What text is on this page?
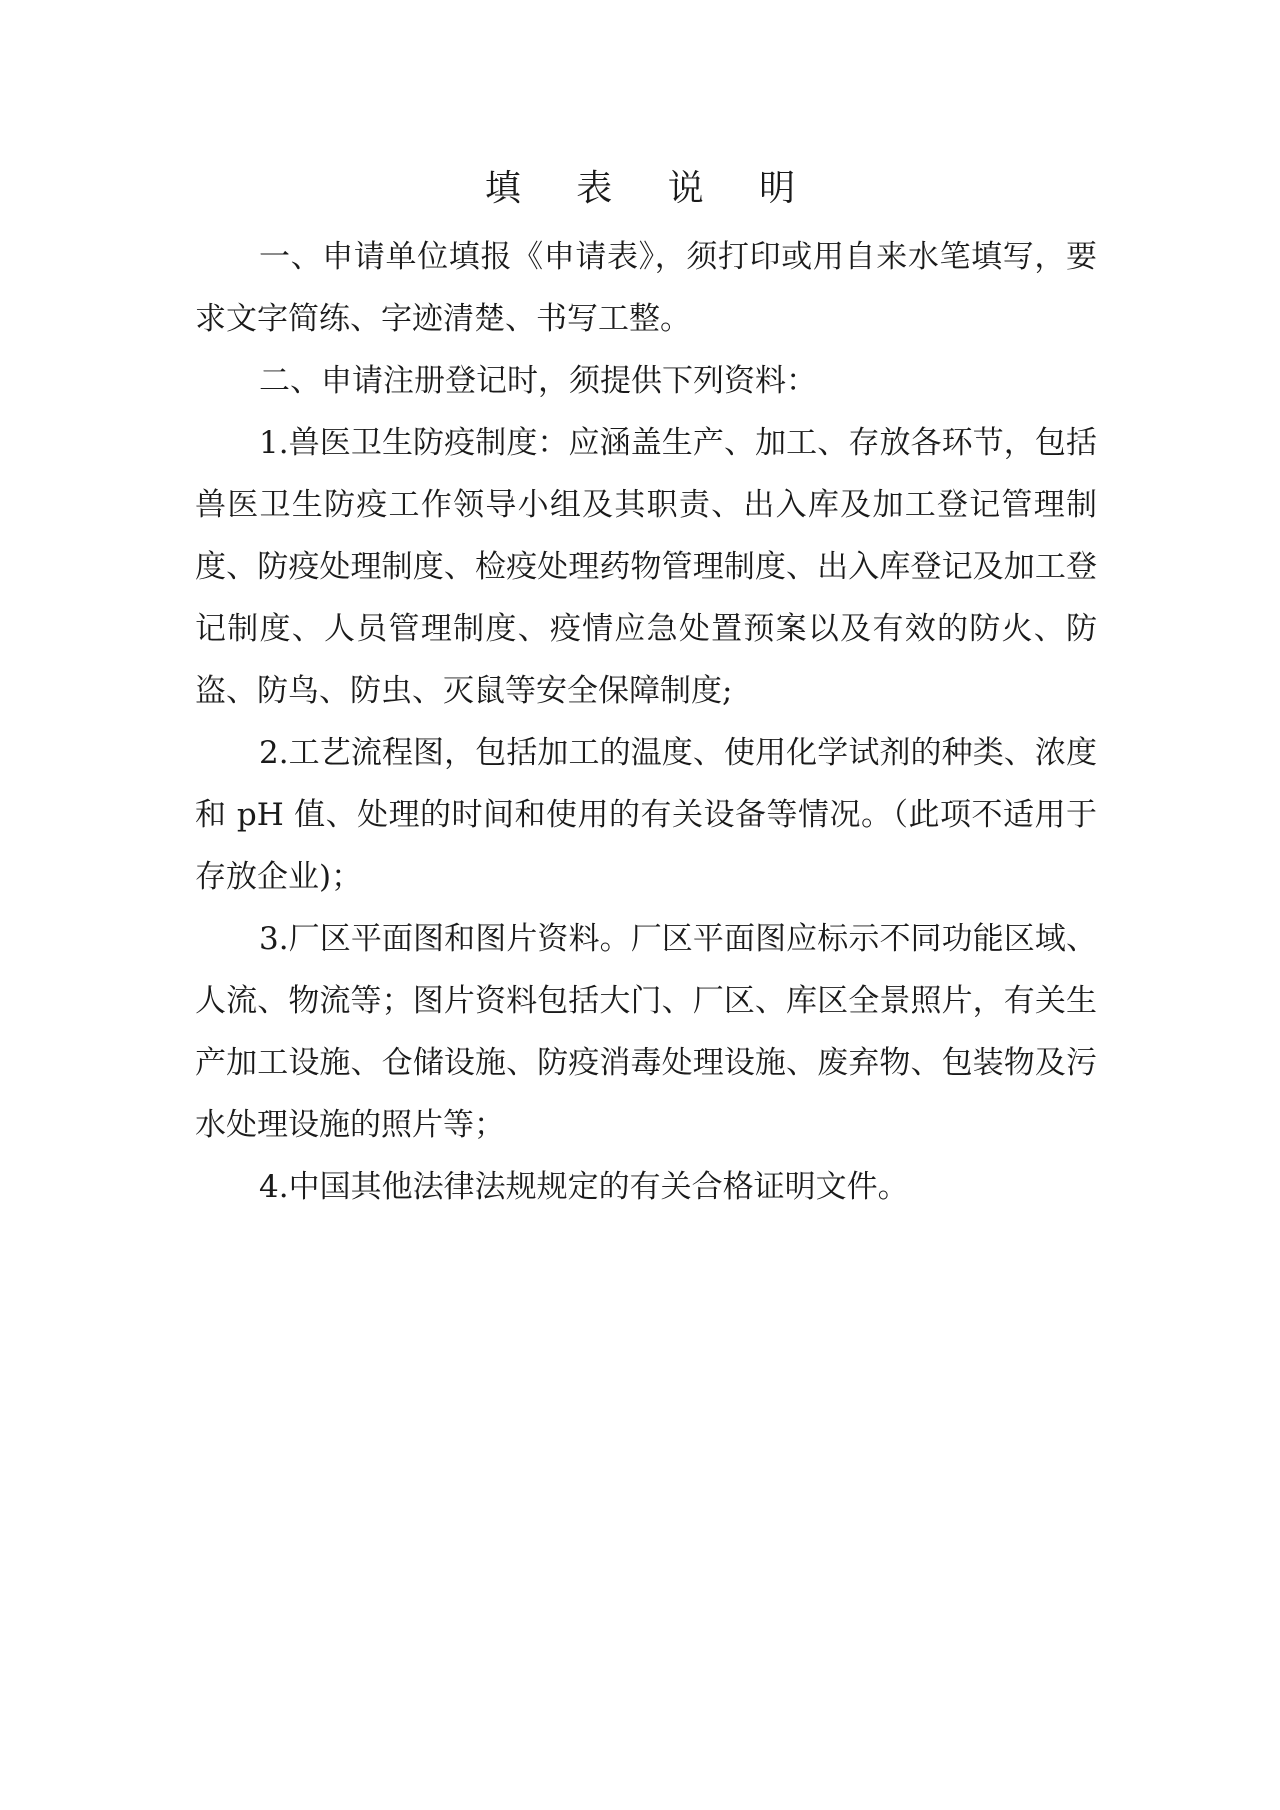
填 表 说 明

一、申请单位填报《申请表》，须打印或用自来水笔填写，要求文字简练、字迹清楚、书写工整。

二、申请注册登记时，须提供下列资料：

1.兽医卫生防疫制度：应涵盖生产、加工、存放各环节，包括兽医卫生防疫工作领导小组及其职责、出入库及加工登记管理制度、防疫处理制度、检疫处理药物管理制度、出入库登记及加工登记制度、人员管理制度、疫情应急处置预案以及有效的防火、防盗、防鸟、防虫、灭鼠等安全保障制度;

2.工艺流程图，包括加工的温度、使用化学试剂的种类、浓度和 pH 值、处理的时间和使用的有关设备等情况。（此项不适用于存放企业)；

3.厂区平面图和图片资料。厂区平面图应标示不同功能区域、人流、物流等；图片资料包括大门、厂区、库区全景照片，有关生产加工设施、仓储设施、防疫消毒处理设施、废弃物、包装物及污水处理设施的照片等；

4.中国其他法律法规规定的有关合格证明文件。
